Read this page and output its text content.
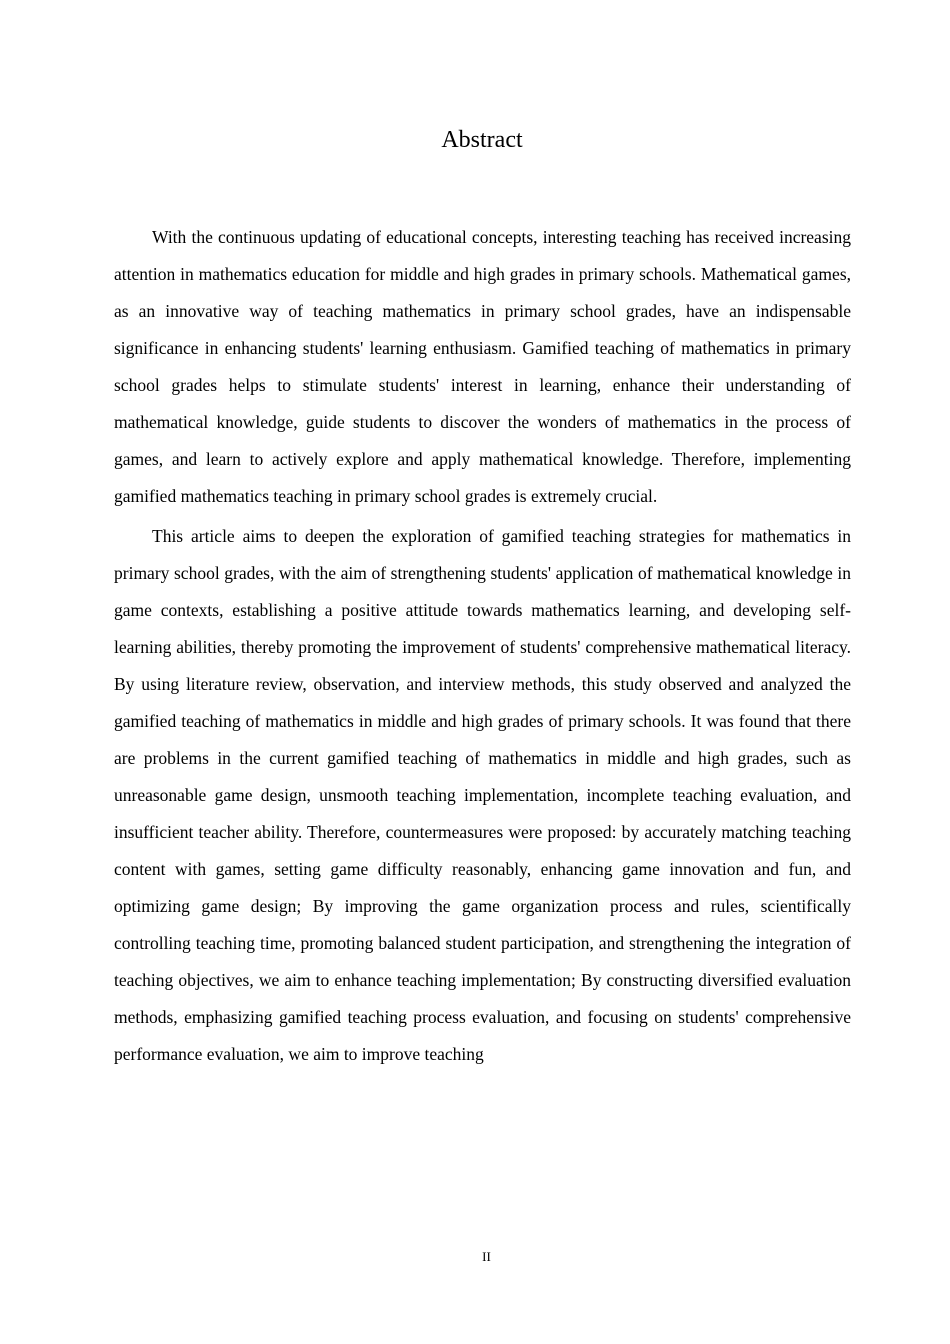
Abstract

With the continuous updating of educational concepts, interesting teaching has received increasing attention in mathematics education for middle and high grades in primary schools. Mathematical games, as an innovative way of teaching mathematics in primary school grades, have an indispensable significance in enhancing students' learning enthusiasm. Gamified teaching of mathematics in primary school grades helps to stimulate students' interest in learning, enhance their understanding of mathematical knowledge, guide students to discover the wonders of mathematics in the process of games, and learn to actively explore and apply mathematical knowledge. Therefore, implementing gamified mathematics teaching in primary school grades is extremely crucial.

This article aims to deepen the exploration of gamified teaching strategies for mathematics in primary school grades, with the aim of strengthening students' application of mathematical knowledge in game contexts, establishing a positive attitude towards mathematics learning, and developing self-learning abilities, thereby promoting the improvement of students' comprehensive mathematical literacy. By using literature review, observation, and interview methods, this study observed and analyzed the gamified teaching of mathematics in middle and high grades of primary schools. It was found that there are problems in the current gamified teaching of mathematics in middle and high grades, such as unreasonable game design, unsmooth teaching implementation, incomplete teaching evaluation, and insufficient teacher ability. Therefore, countermeasures were proposed: by accurately matching teaching content with games, setting game difficulty reasonably, enhancing game innovation and fun, and optimizing game design; By improving the game organization process and rules, scientifically controlling teaching time, promoting balanced student participation, and strengthening the integration of teaching objectives, we aim to enhance teaching implementation; By constructing diversified evaluation methods, emphasizing gamified teaching process evaluation, and focusing on students' comprehensive performance evaluation, we aim to improve teaching

II
